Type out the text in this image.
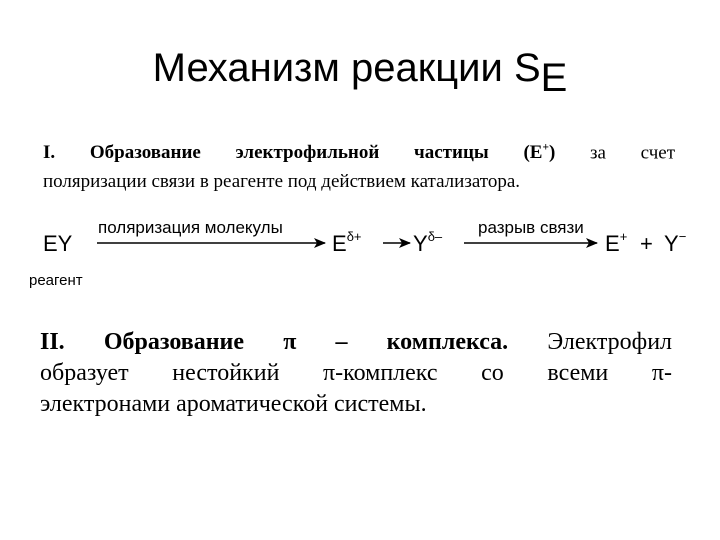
Механизм реакции SE
I. Образование электрофильной частицы (E+) за счет
поляризации связи в реагенте под действием катализатора.
EY
поляризация молекулы
$E^{\delta+}$ $Y^{\delta-}$ разрыв связи
E+ + Y−
реагент
II. Образование π – комплекса. Электрофил
образует нестойкий π-комплекс со всеми π-
электронами ароматической системы.
